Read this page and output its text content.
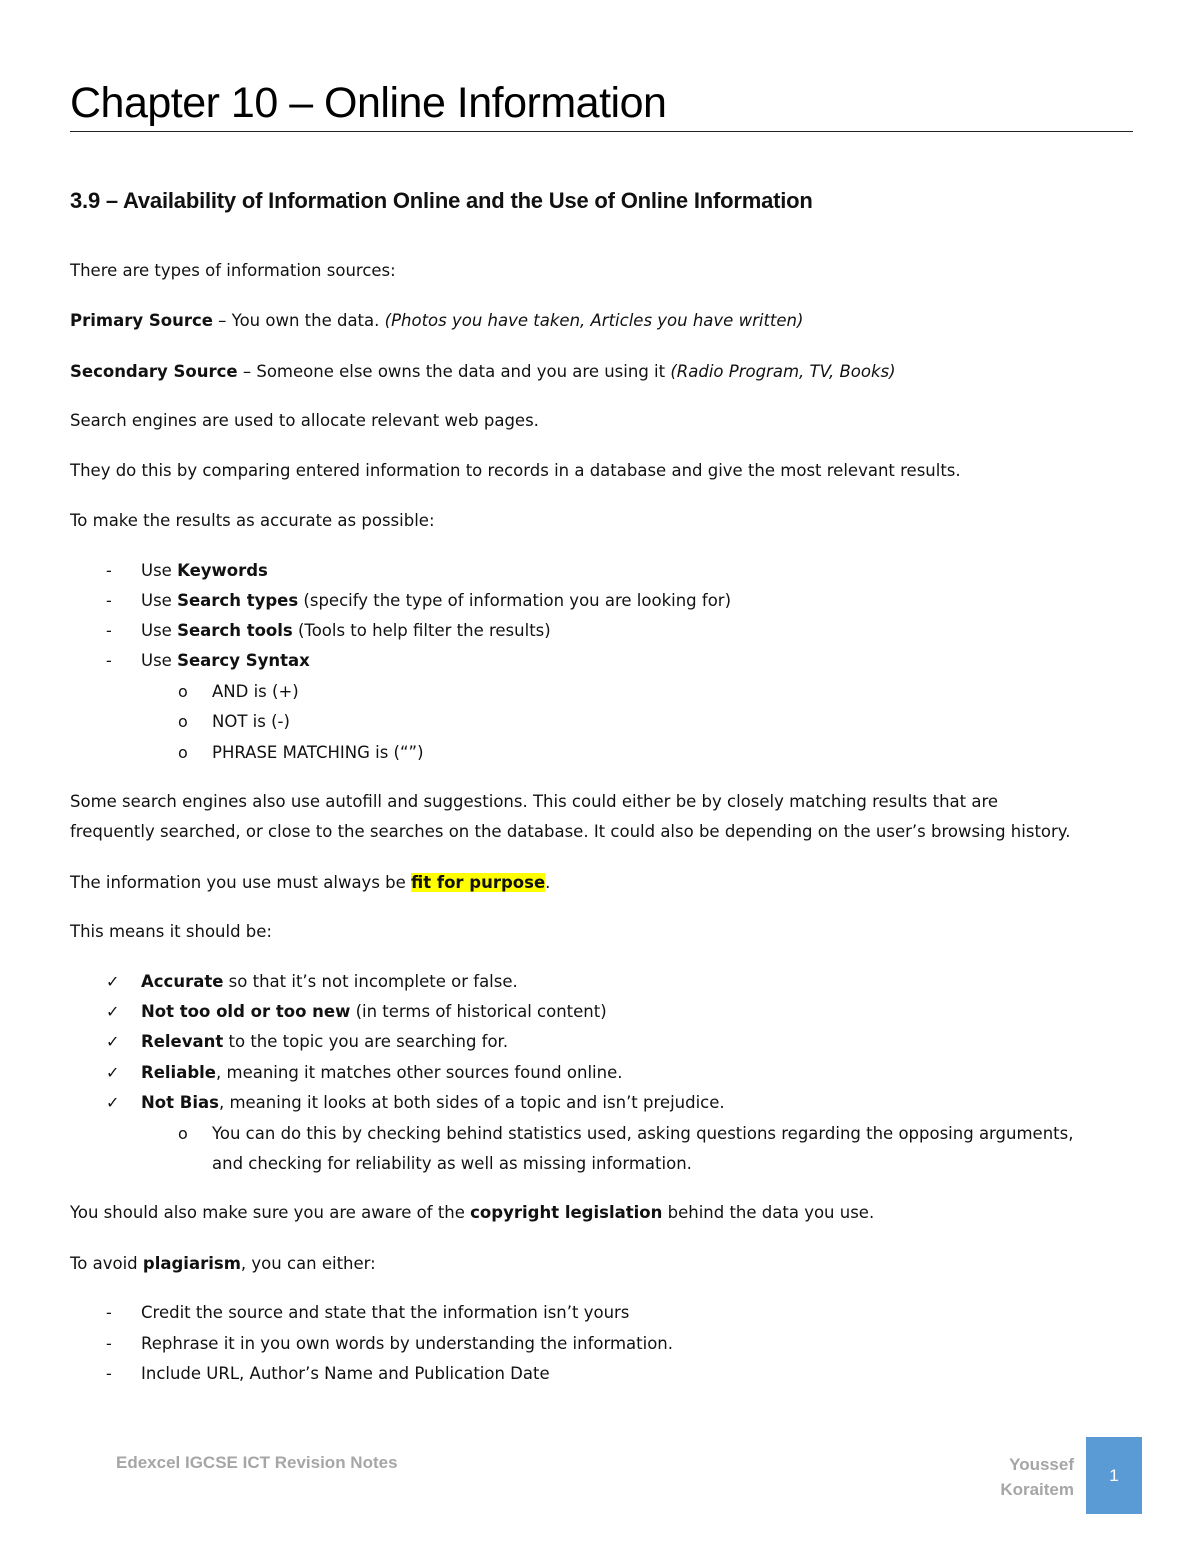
Chapter 10 – Online Information
3.9 – Availability of Information Online and the Use of Online Information

There are types of information sources:

Primary Source – You own the data. (Photos you have taken, Articles you have written)

Secondary Source – Someone else owns the data and you are using it (Radio Program, TV, Books)

Search engines are used to allocate relevant web pages.

They do this by comparing entered information to records in a database and give the most relevant results.

To make the results as accurate as possible:

- Use Keywords
- Use Search types (specify the type of information you are looking for)
- Use Search tools (Tools to help filter the results)
- Use Searcy Syntax
o AND is (+)
o NOT is (-)
o PHRASE MATCHING is (“”)

Some search engines also use autofill and suggestions. This could either be by closely matching results that are

frequently searched, or close to the searches on the database. It could also be depending on the user’s browsing history.

The information you use must always be fit for purpose.

This means it should be:

✓ Accurate so that it’s not incomplete or false.
✓ Not too old or too new (in terms of historical content)
✓ Relevant to the topic you are searching for.
✓ Reliable, meaning it matches other sources found online.
✓ Not Bias, meaning it looks at both sides of a topic and isn’t prejudice.
o You can do this by checking behind statistics used, asking questions regarding the opposing arguments,
and checking for reliability as well as missing information.

You should also make sure you are aware of the copyright legislation behind the data you use.

To avoid plagiarism, you can either:

- Credit the source and state that the information isn’t yours
- Rephrase it in you own words by understanding the information.
- Include URL, Author’s Name and Publication Date
Edexcel IGCSE ICT Revision Notes	Youssef
Koraitem
1
